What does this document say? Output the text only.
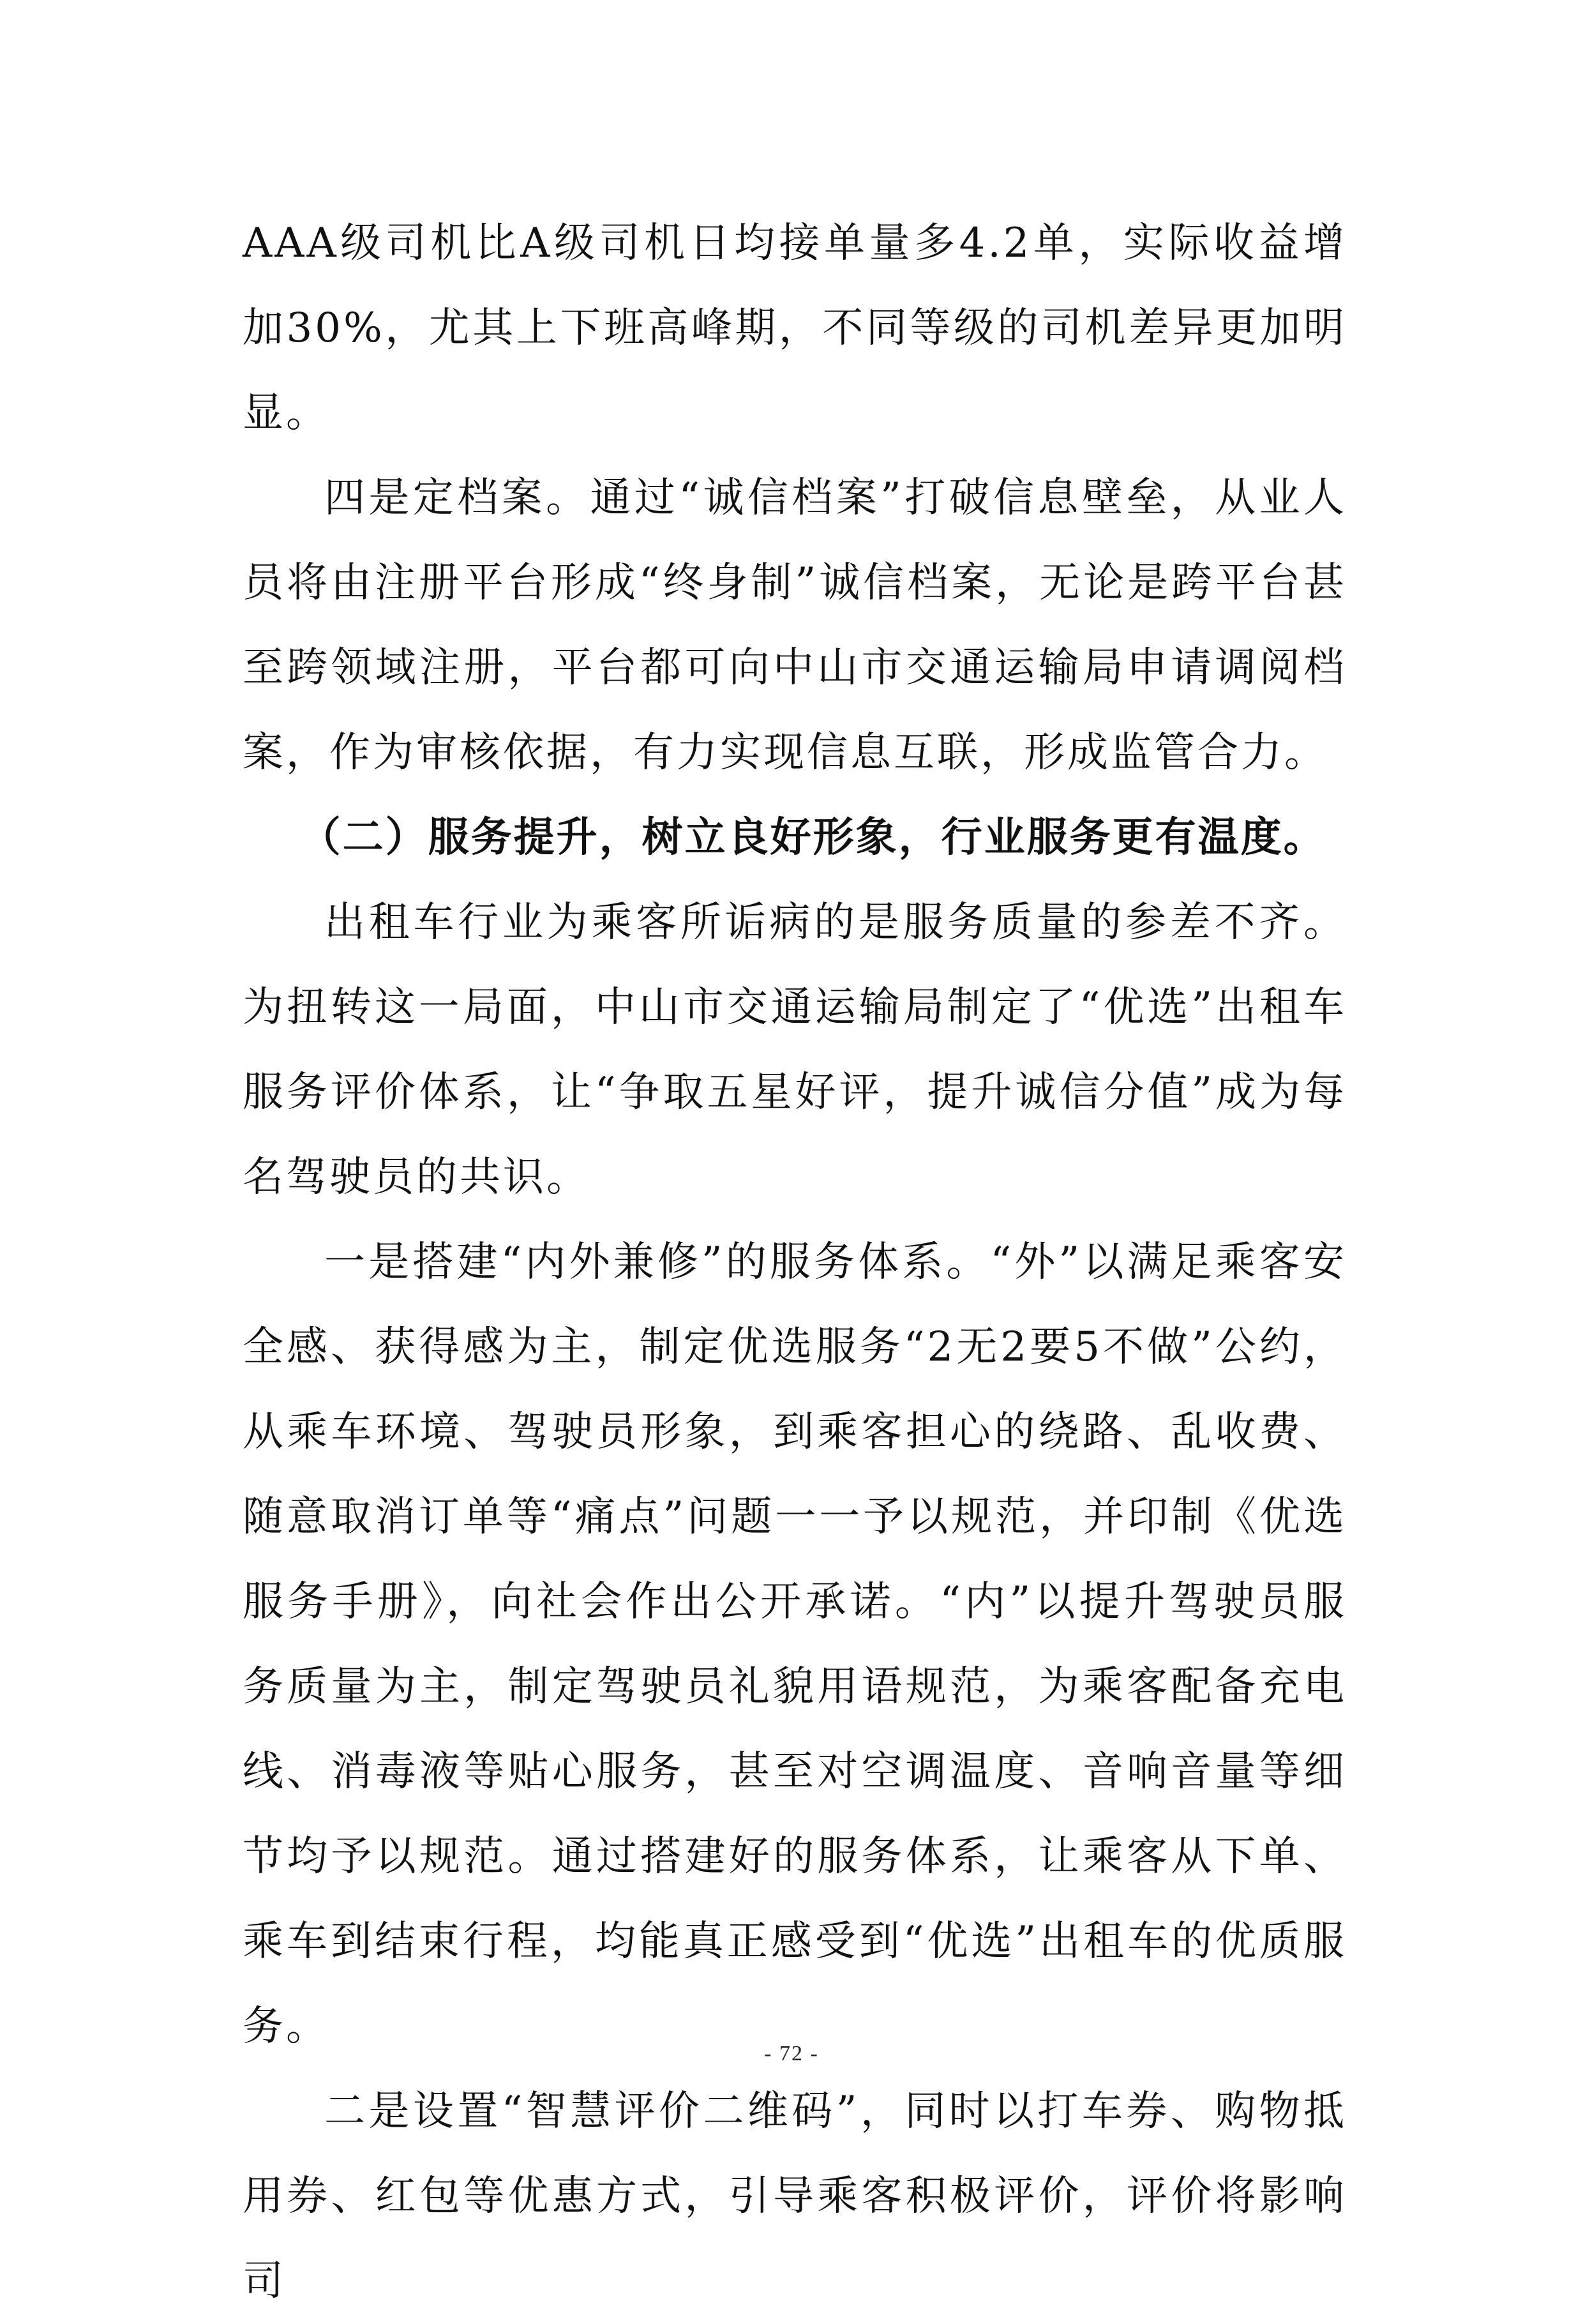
AAA级司机比A级司机日均接单量多4.2单，实际收益增加30%，尤其上下班高峰期，不同等级的司机差异更加明显。

四是定档案。通过“诚信档案”打破信息壁垒，从业人员将由注册平台形成“终身制”诚信档案，无论是跨平台甚至跨领域注册，平台都可向中山市交通运输局申请调阅档案，作为审核依据，有力实现信息互联，形成监管合力。

（二）服务提升，树立良好形象，行业服务更有温度。

出租车行业为乘客所诟病的是服务质量的参差不齐。为扭转这一局面，中山市交通运输局制定了“优选”出租车服务评价体系，让“争取五星好评，提升诚信分值”成为每名驾驶员的共识。

一是搭建“内外兼修”的服务体系。“外”以满足乘客安全感、获得感为主，制定优选服务“2无2要5不做”公约，从乘车环境、驾驶员形象，到乘客担心的绕路、乱收费、随意取消订单等“痛点”问题一一予以规范，并印制《优选服务手册》，向社会作出公开承诺。“内”以提升驾驶员服务质量为主，制定驾驶员礼貌用语规范，为乘客配备充电线、消毒液等贴心服务，甚至对空调温度、音响音量等细节均予以规范。通过搭建好的服务体系，让乘客从下单、乘车到结束行程，均能真正感受到“优选”出租车的优质服务。

二是设置“智慧评价二维码”，同时以打车券、购物抵用券、红包等优惠方式，引导乘客积极评价，评价将影响司

- 72 -
